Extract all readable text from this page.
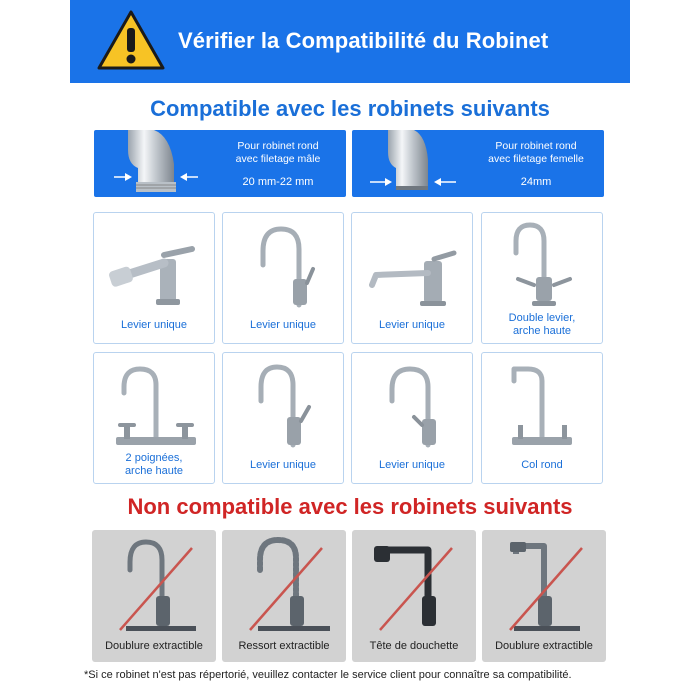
Vérifier la Compatibilité du Robinet
Compatible avec les robinets suivants
Pour robinet rond
avec filetage mâle
20 mm-22 mm
Pour robinet rond
avec filetage femelle
24mm
Levier unique	Levier unique	Levier unique
Double levier,
arche haute
2 poignées,
arche haute
Levier unique	Levier unique	Col rond
Non compatible avec les robinets suivants
Doublure extractible	Ressort extractible	Tête de douchette	Doublure extractible
*Si ce robinet n'est pas répertorié, veuillez contacter le service client pour connaître sa compatibilité.
